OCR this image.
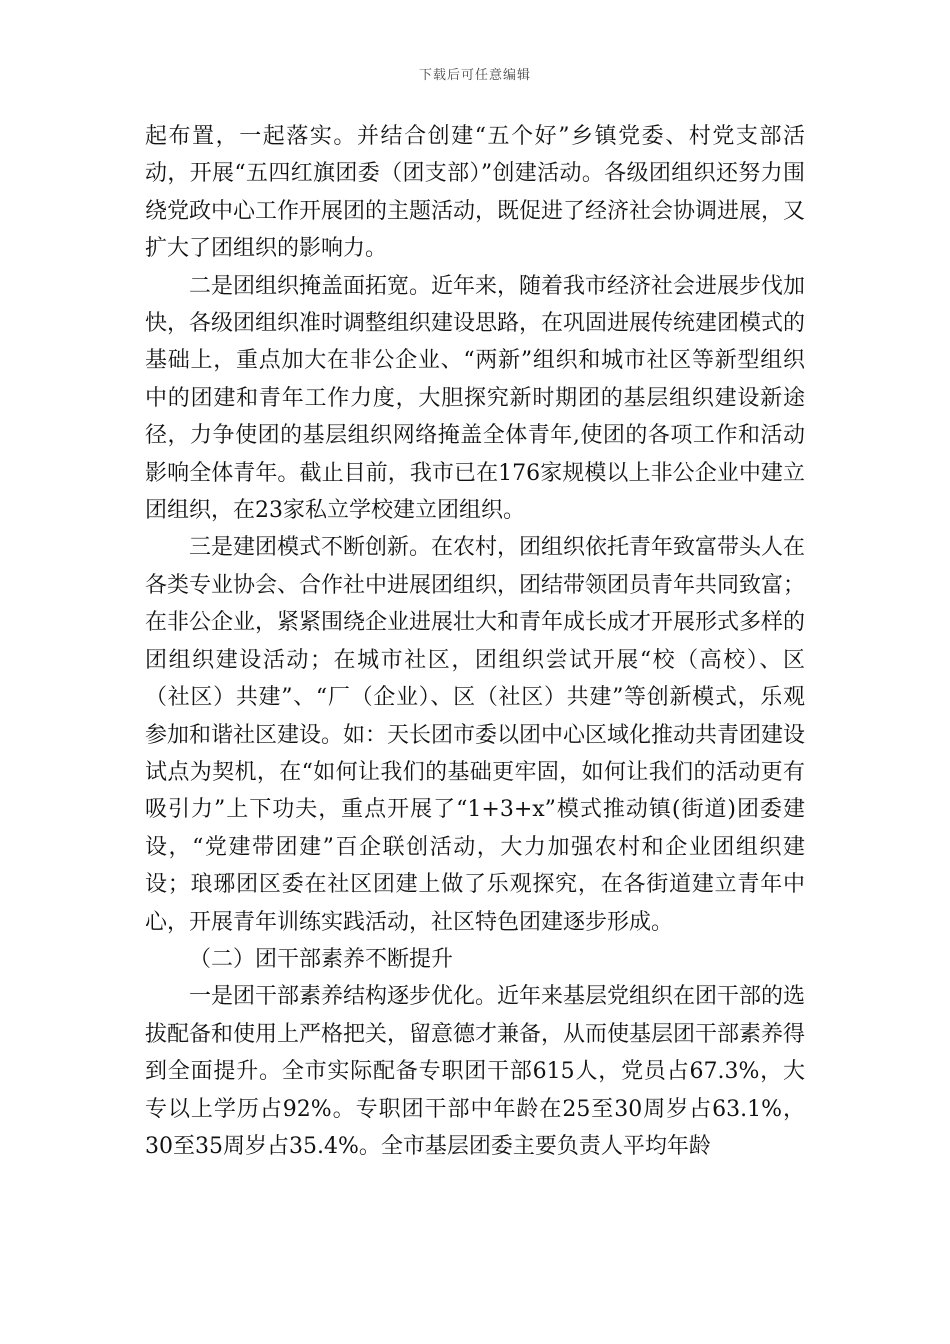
下载后可任意编辑

起布置，一起落实。并结合创建“五个好”乡镇党委、村党支部活动，开展“五四红旗团委（团支部）”创建活动。各级团组织还努力围绕党政中心工作开展团的主题活动，既促进了经济社会协调进展，又扩大了团组织的影响力。

二是团组织掩盖面拓宽。近年来，随着我市经济社会进展步伐加快，各级团组织准时调整组织建设思路，在巩固进展传统建团模式的基础上，重点加大在非公企业、“两新”组织和城市社区等新型组织中的团建和青年工作力度，大胆探究新时期团的基层组织建设新途径，力争使团的基层组织网络掩盖全体青年,使团的各项工作和活动影响全体青年。截止目前，我市已在176家规模以上非公企业中建立团组织，在23家私立学校建立团组织。

三是建团模式不断创新。在农村，团组织依托青年致富带头人在各类专业协会、合作社中进展团组织，团结带领团员青年共同致富；在非公企业，紧紧围绕企业进展壮大和青年成长成才开展形式多样的团组织建设活动；在城市社区，团组织尝试开展“校（高校）、区（社区）共建”、“厂（企业）、区（社区）共建”等创新模式，乐观参加和谐社区建设。如：天长团市委以团中心区域化推动共青团建设试点为契机，在“如何让我们的基础更牢固，如何让我们的活动更有吸引力”上下功夫，重点开展了“1+3+x”模式推动镇(街道)团委建设，“党建带团建”百企联创活动，大力加强农村和企业团组织建设；琅琊团区委在社区团建上做了乐观探究，在各街道建立青年中心，开展青年训练实践活动，社区特色团建逐步形成。

（二）团干部素养不断提升

一是团干部素养结构逐步优化。近年来基层党组织在团干部的选拔配备和使用上严格把关，留意德才兼备，从而使基层团干部素养得到全面提升。全市实际配备专职团干部615人，党员占67.3%，大专以上学历占92%。专职团干部中年龄在25至30周岁占63.1%，30至35周岁占35.4%。全市基层团委主要负责人平均年龄
